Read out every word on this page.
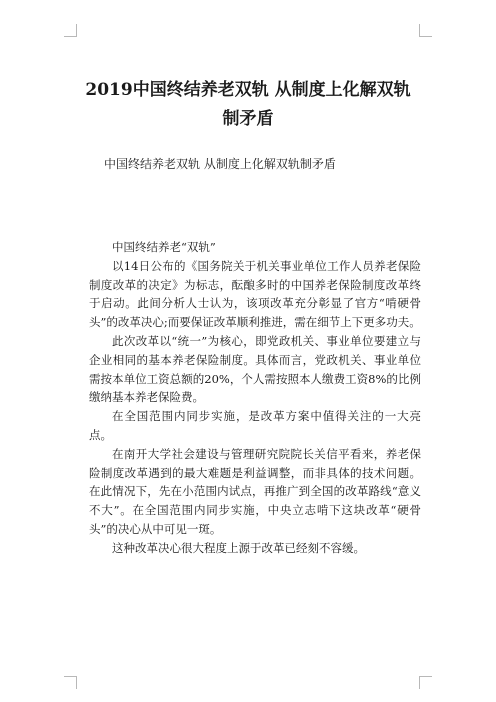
2019中国终结养老双轨 从制度上化解双轨
制矛盾
中国终结养老双轨 从制度上化解双轨制矛盾

中国终结养老“双轨”

以14日公布的《国务院关于机关事业单位工作人员养老保险制度改革的决定》为标志，酝酿多时的中国养老保险制度改革终于启动。此间分析人士认为，该项改革充分彰显了官方“啃硬骨头”的改革决心;而要保证改革顺利推进，需在细节上下更多功夫。

此次改革以“统一”为核心，即党政机关、事业单位要建立与企业相同的基本养老保险制度。具体而言，党政机关、事业单位需按本单位工资总额的20%，个人需按照本人缴费工资8%的比例缴纳基本养老保险费。

在全国范围内同步实施，是改革方案中值得关注的一大亮点。

在南开大学社会建设与管理研究院院长关信平看来，养老保险制度改革遇到的最大难题是利益调整，而非具体的技术问题。在此情况下，先在小范围内试点，再推广到全国的改革路线“意义不大”。在全国范围内同步实施，中央立志啃下这块改革“硬骨头”的决心从中可见一斑。

这种改革决心很大程度上源于改革已经刻不容缓。
